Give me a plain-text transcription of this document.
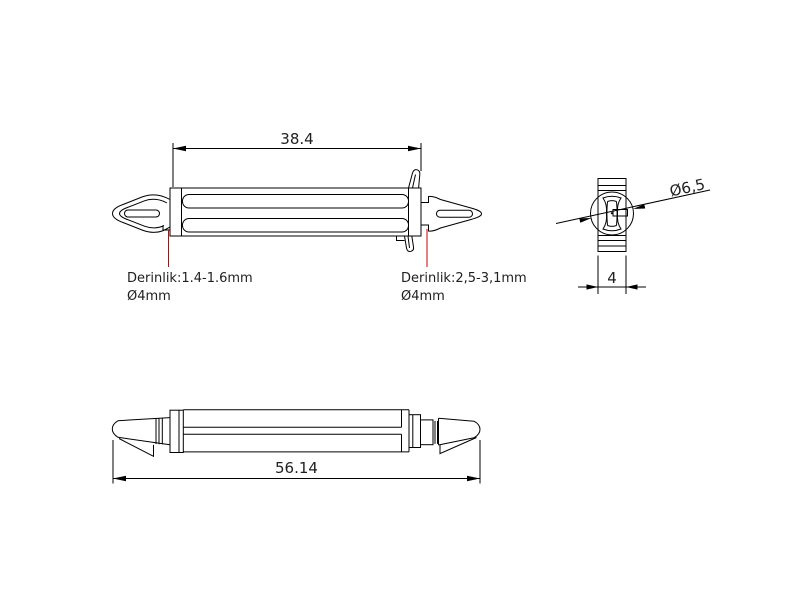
38.4
Derinlik:1.4-1.6mm
Ø4mm
Derinlik:2,5-3,1mm
Ø4mm
Ø6,5
4
56.14
